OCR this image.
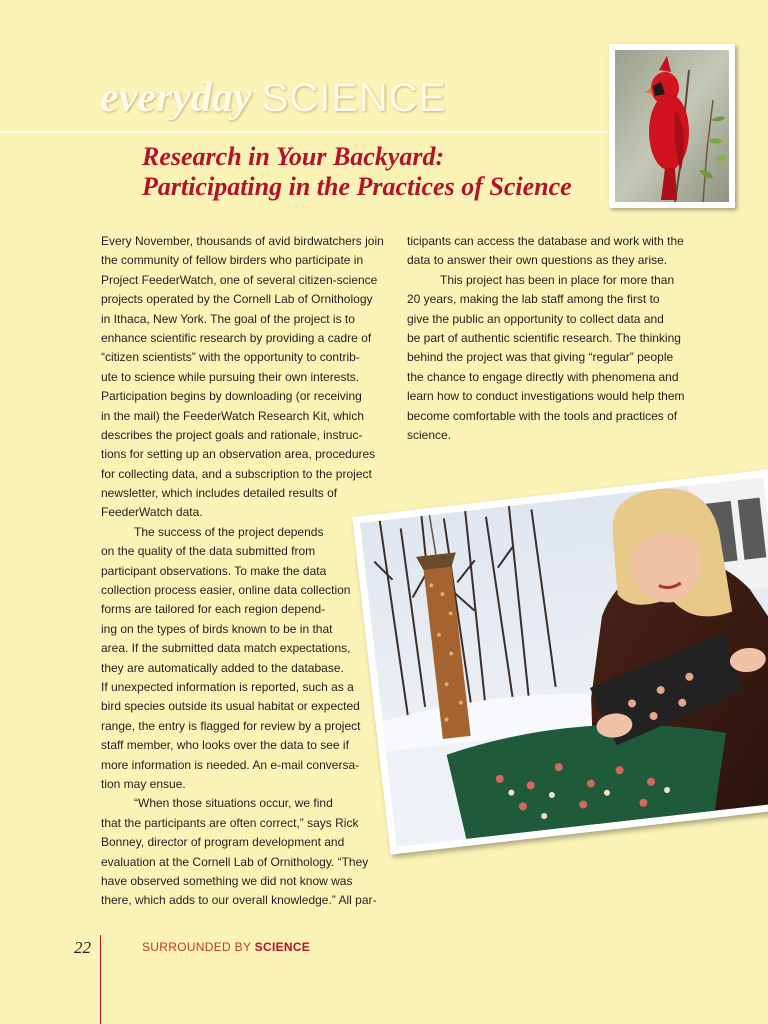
everyday SCIENCE
Research in Your Backyard:
Participating in the Practices of Science
Every November, thousands of avid birdwatchers join
the community of fellow birders who participate in
Project FeederWatch, one of several citizen-science
projects operated by the Cornell Lab of Ornithology
in Ithaca, New York. The goal of the project is to
enhance scientific research by providing a cadre of
“citizen scientists” with the opportunity to contrib-
ute to science while pursuing their own interests.
Participation begins by downloading (or receiving
in the mail) the FeederWatch Research Kit, which
describes the project goals and rationale, instruc-
tions for setting up an observation area, procedures
for collecting data, and a subscription to the project
newsletter, which includes detailed results of
FeederWatch data.
The success of the project depends
on the quality of the data submitted from
participant observations. To make the data
collection process easier, online data collection
forms are tailored for each region depend-
ing on the types of birds known to be in that
area. If the submitted data match expectations,
they are automatically added to the database.
If unexpected information is reported, such as a
bird species outside its usual habitat or expected
range, the entry is flagged for review by a project
staff member, who looks over the data to see if
more information is needed. An e-mail conversa-
tion may ensue.
“When those situations occur, we find
that the participants are often correct,” says Rick
Bonney, director of program development and
evaluation at the Cornell Lab of Ornithology. “They
have observed something we did not know was
there, which adds to our overall knowledge.” All par-
ticipants can access the database and work with the
data to answer their own questions as they arise.
This project has been in place for more than
20 years, making the lab staff among the first to
give the public an opportunity to collect data and
be part of authentic scientific research. The thinking
behind the project was that giving “regular” people
the chance to engage directly with phenomena and
learn how to conduct investigations would help them
become comfortable with the tools and practices of
science.
22	SURROUNDED BY SCIENCE
